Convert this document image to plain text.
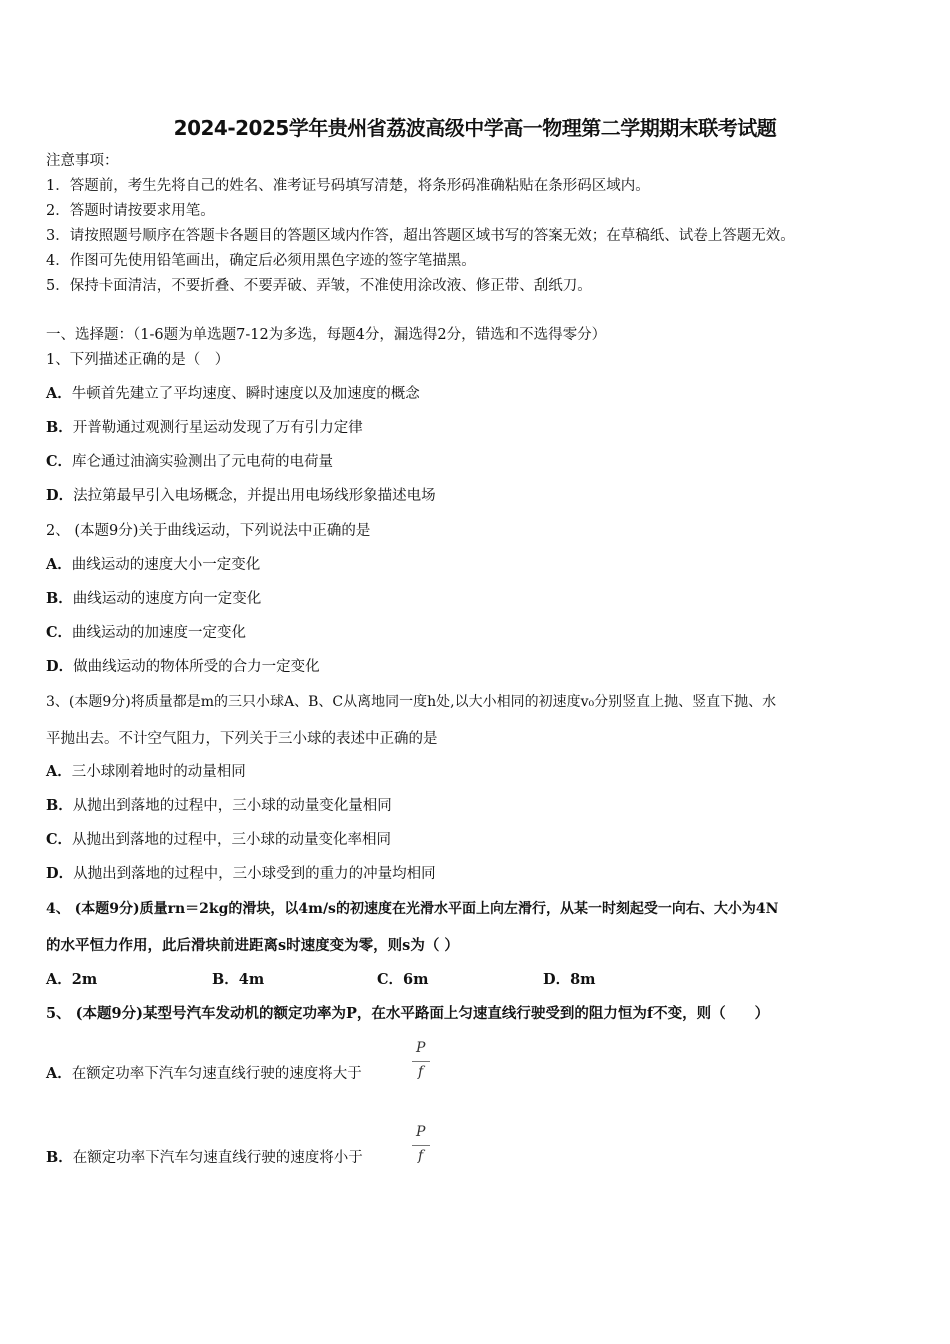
2024-2025学年贵州省荔波高级中学高一物理第二学期期末联考试题
注意事项：
1．答题前，考生先将自己的姓名、准考证号码填写清楚，将条形码准确粘贴在条形码区域内。
2．答题时请按要求用笔。
3．请按照题号顺序在答题卡各题目的答题区域内作答，超出答题区域书写的答案无效；在草稿纸、试卷上答题无效。
4．作图可先使用铅笔画出，确定后必须用黑色字迹的签字笔描黑。
5．保持卡面清洁，不要折叠、不要弄破、弄皱，不准使用涂改液、修正带、刮纸刀。
一、选择题：（1-6题为单选题7-12为多选，每题4分，漏选得2分，错选和不选得零分）
1、下列描述正确的是（　）
A．牛顿首先建立了平均速度、瞬时速度以及加速度的概念
B．开普勒通过观测行星运动发现了万有引力定律
C．库仑通过油滴实验测出了元电荷的电荷量
D．法拉第最早引入电场概念，并提出用电场线形象描述电场
2、 (本题9分)关于曲线运动，下列说法中正确的是
A．曲线运动的速度大小一定变化
B．曲线运动的速度方向一定变化
C．曲线运动的加速度一定变化
D．做曲线运动的物体所受的合力一定变化
3、(本题9分)将质量都是m的三只小球A、B、C从离地同一度h处,以大小相同的初速度v₀分别竖直上抛、竖直下抛、水
平抛出去。不计空气阻力，下列关于三小球的表述中正确的是
A．三小球刚着地时的动量相同
B．从抛出到落地的过程中，三小球的动量变化量相同
C．从抛出到落地的过程中，三小球的动量变化率相同
D．从抛出到落地的过程中，三小球受到的重力的冲量均相同
4、 (本题9分)质量rn＝2kg的滑块，以4m/s的初速度在光滑水平面上向左滑行，从某一时刻起受一向右、大小为4N
的水平恒力作用，此后滑块前进距离s时速度变为零，则s为（ ）
A．2m	B．4m	C．6m	D．8m
5、 (本题9分)某型号汽车发动机的额定功率为P，在水平路面上匀速直线行驶受到的阻力恒为f不变，则（　　）
A．在额定功率下汽车匀速直线行驶的速度将大于
P
f
B．在额定功率下汽车匀速直线行驶的速度将小于
P
f
